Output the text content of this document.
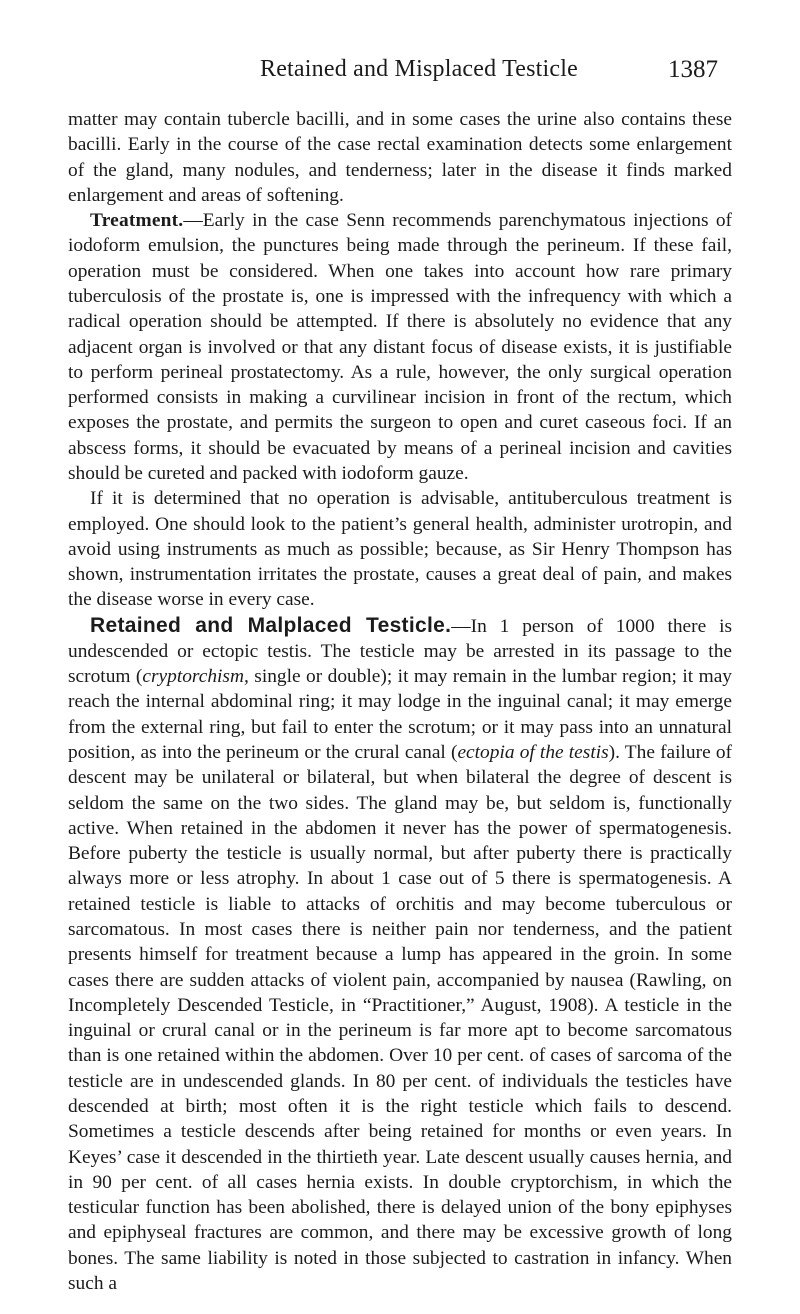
Retained and Misplaced Testicle	1387

matter may contain tubercle bacilli, and in some cases the urine also contains these bacilli. Early in the course of the case rectal examination detects some enlargement of the gland, many nodules, and tenderness; later in the disease it finds marked enlargement and areas of softening.

Treatment.—Early in the case Senn recommends parenchymatous injections of iodoform emulsion, the punctures being made through the perineum. If these fail, operation must be considered. When one takes into account how rare primary tuberculosis of the prostate is, one is impressed with the infrequency with which a radical operation should be attempted. If there is absolutely no evidence that any adjacent organ is involved or that any distant focus of disease exists, it is justifiable to perform perineal prostatectomy. As a rule, however, the only surgical operation performed consists in making a curvilinear incision in front of the rectum, which exposes the prostate, and permits the surgeon to open and curet caseous foci. If an abscess forms, it should be evacuated by means of a perineal incision and cavities should be cureted and packed with iodoform gauze.

If it is determined that no operation is advisable, antituberculous treatment is employed. One should look to the patient’s general health, administer urotropin, and avoid using instruments as much as possible; because, as Sir Henry Thompson has shown, instrumentation irritates the prostate, causes a great deal of pain, and makes the disease worse in every case.

Retained and Malplaced Testicle.—In 1 person of 1000 there is undescended or ectopic testis. The testicle may be arrested in its passage to the scrotum (cryptorchism, single or double); it may remain in the lumbar region; it may reach the internal abdominal ring; it may lodge in the inguinal canal; it may emerge from the external ring, but fail to enter the scrotum; or it may pass into an unnatural position, as into the perineum or the crural canal (ectopia of the testis). The failure of descent may be unilateral or bilateral, but when bilateral the degree of descent is seldom the same on the two sides. The gland may be, but seldom is, functionally active. When retained in the abdomen it never has the power of spermatogenesis. Before puberty the testicle is usually normal, but after puberty there is practically always more or less atrophy. In about 1 case out of 5 there is spermatogenesis. A retained testicle is liable to attacks of orchitis and may become tuberculous or sarcomatous. In most cases there is neither pain nor tenderness, and the patient presents himself for treatment because a lump has appeared in the groin. In some cases there are sudden attacks of violent pain, accompanied by nausea (Rawling, on Incompletely Descended Testicle, in “Practitioner,” August, 1908). A testicle in the inguinal or crural canal or in the perineum is far more apt to become sarcomatous than is one retained within the abdomen. Over 10 per cent. of cases of sarcoma of the testicle are in undescended glands. In 80 per cent. of individuals the testicles have descended at birth; most often it is the right testicle which fails to descend. Sometimes a testicle descends after being retained for months or even years. In Keyes’ case it descended in the thirtieth year. Late descent usually causes hernia, and in 90 per cent. of all cases hernia exists. In double cryptorchism, in which the testicular function has been abolished, there is delayed union of the bony epiphyses and epiphyseal fractures are common, and there may be excessive growth of long bones. The same liability is noted in those subjected to castration in infancy. When such a
